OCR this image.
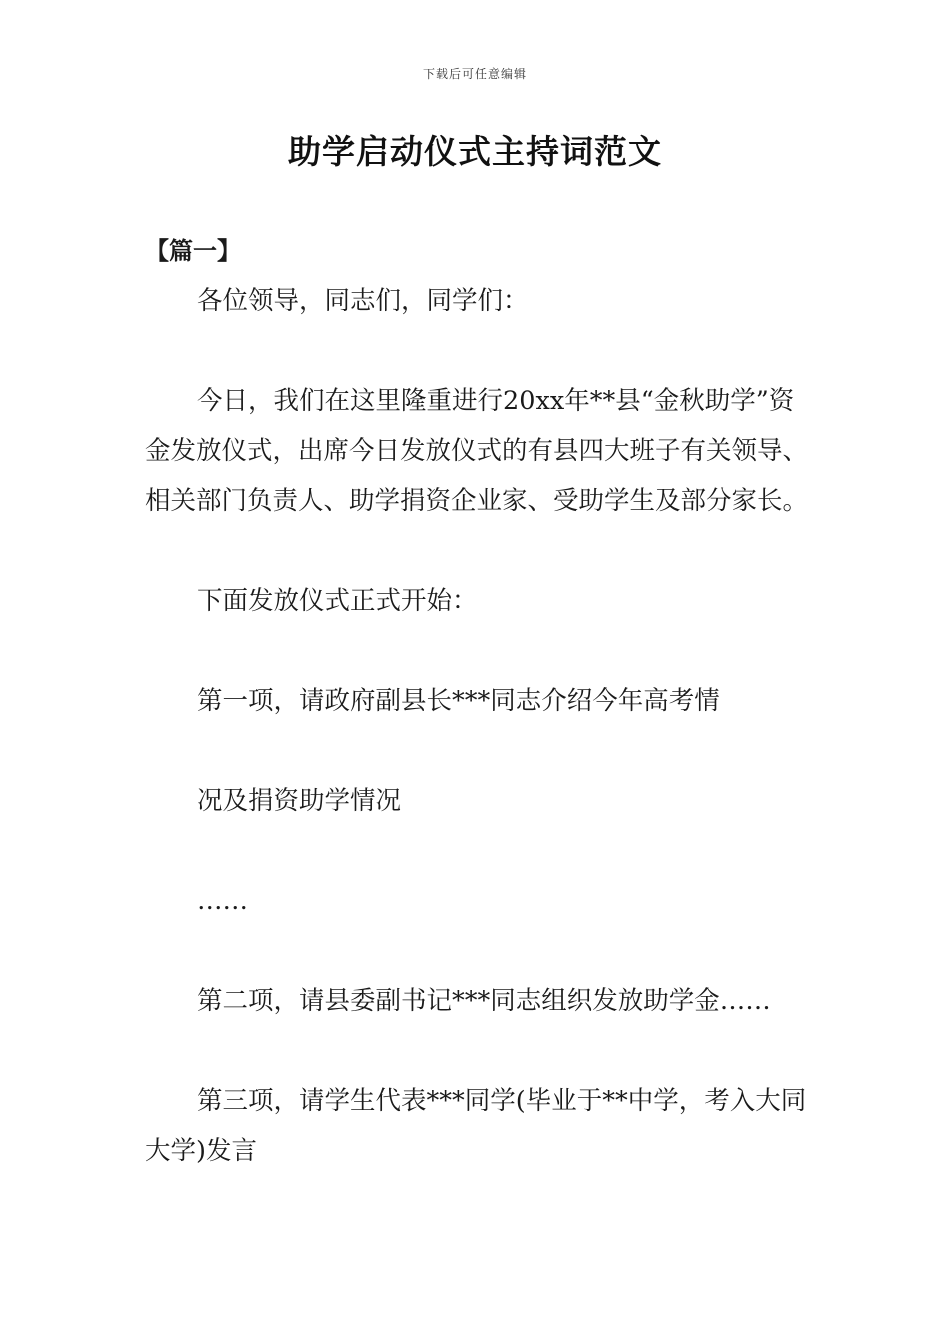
下载后可任意编辑
助学启动仪式主持词范文
【篇一】

各位领导，同志们，同学们：

今日，我们在这里隆重进行20xx年**县“金秋助学”资金发放仪式，出席今日发放仪式的有县四大班子有关领导、相关部门负责人、助学捐资企业家、受助学生及部分家长。

下面发放仪式正式开始：

第一项，请政府副县长***同志介绍今年高考情

况及捐资助学情况

……

第二项，请县委副书记***同志组织发放助学金……

第三项，请学生代表***同学(毕业于**中学，考入大同大学)发言
